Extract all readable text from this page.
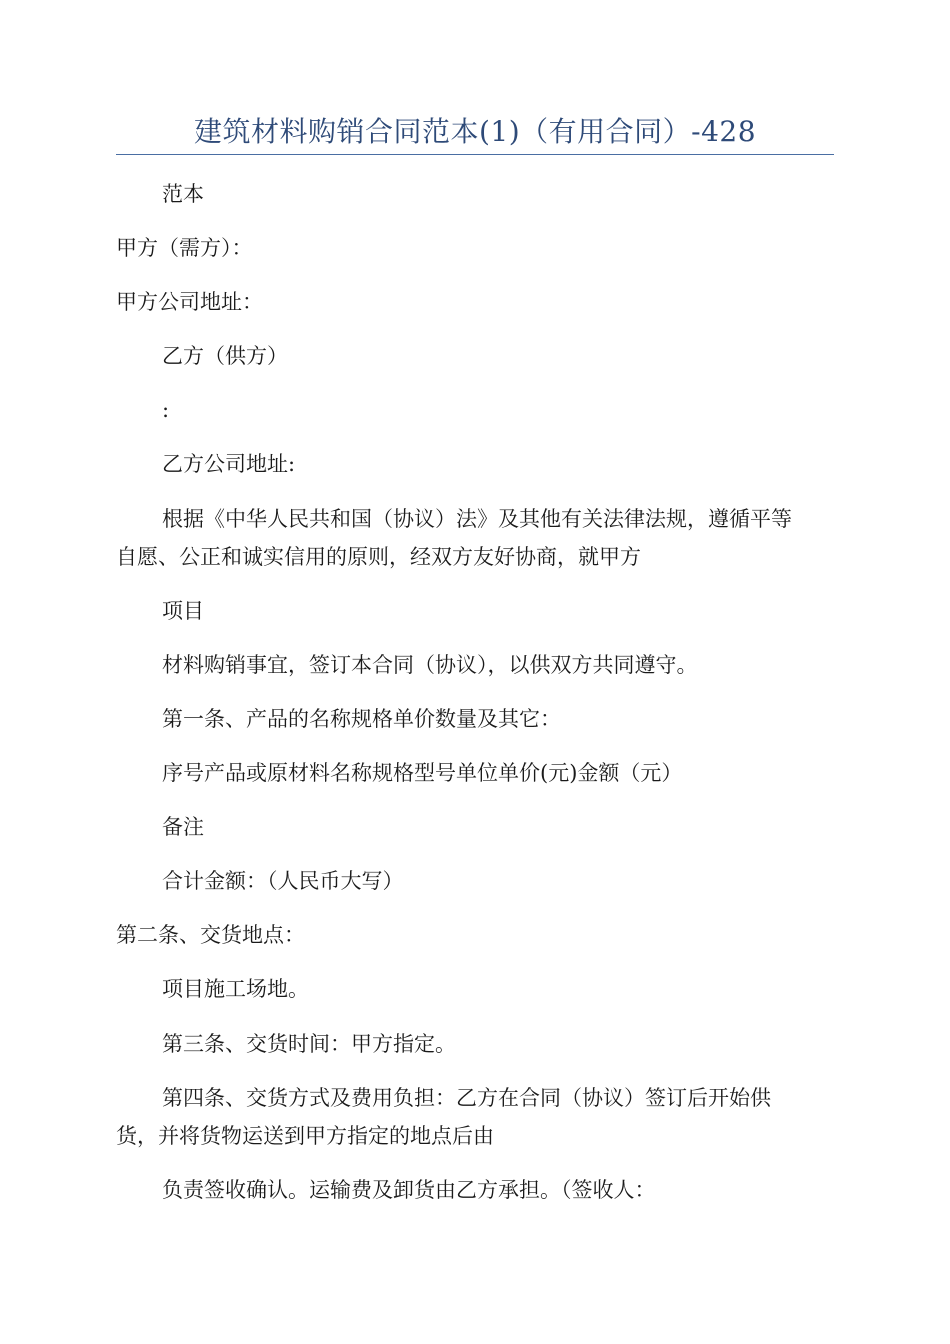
建筑材料购销合同范本(1)（有用合同）-428
范本
甲方（需方）：
甲方公司地址：
乙方（供方）
:
乙方公司地址:
根据《中华人民共和国（协议）法》及其他有关法律法规，遵循平等
自愿、公正和诚实信用的原则，经双方友好协商，就甲方
项目
材料购销事宜，签订本合同（协议），以供双方共同遵守。
第一条、产品的名称规格单价数量及其它：
序号产品或原材料名称规格型号单位单价(元)金额（元）
备注
合计金额：（人民币大写）
第二条、交货地点：
项目施工场地。
第三条、交货时间：甲方指定。
第四条、交货方式及费用负担：乙方在合同（协议）签订后开始供
货，并将货物运送到甲方指定的地点后由
负责签收确认。运输费及卸货由乙方承担。（签收人：
